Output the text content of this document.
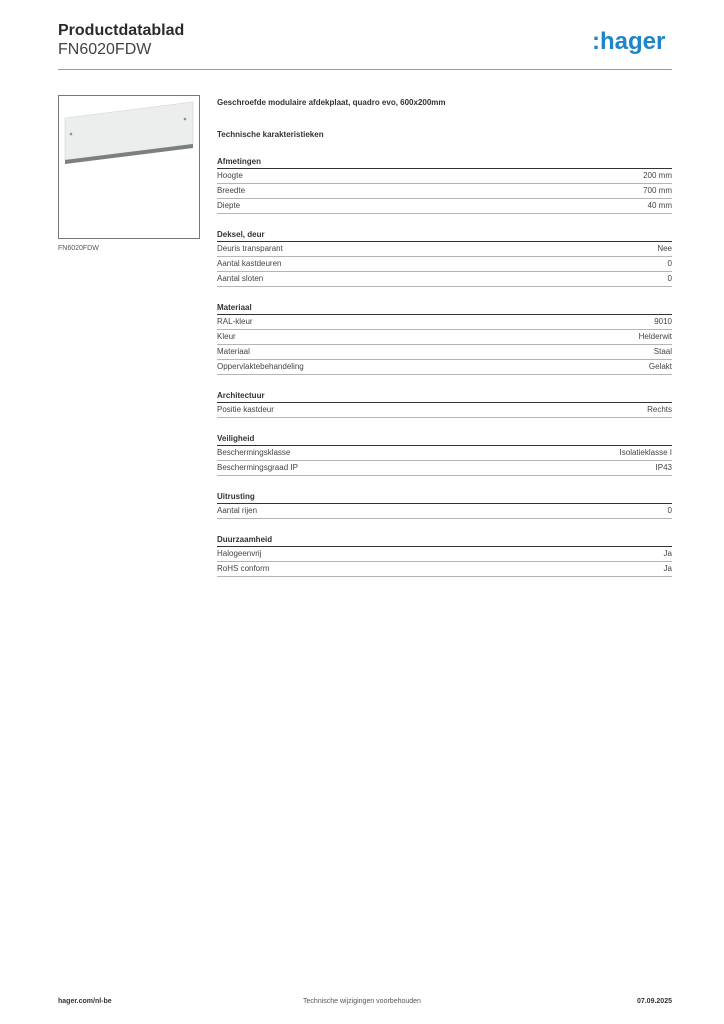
Productdatablad
FN6020FDW	:hager
FN6020FDW
Geschroefde modulaire afdekplaat, quadro evo, 600x200mm
Technische karakteristieken
Afmetingen
Hoogte	200 mm
Breedte	700 mm
Diepte	40 mm
Deksel, deur
Deuris transparant	Nee
Aantal kastdeuren	0
Aantal sloten	0
Materiaal
RAL-kleur	9010
Kleur	Helderwit
Materiaal	Staal
Oppervlaktebehandeling	Gelakt
Architectuur
Positie kastdeur	Rechts
Veiligheid
Beschermingsklasse	Isolatieklasse I
Beschermingsgraad IP	IP43
Uitrusting
Aantal rijen	0
Duurzaamheid
Halogeenvrij	Ja
RoHS conform	Ja
hager.com/nl-be	Technische wijzigingen voorbehouden	07.09.2025
